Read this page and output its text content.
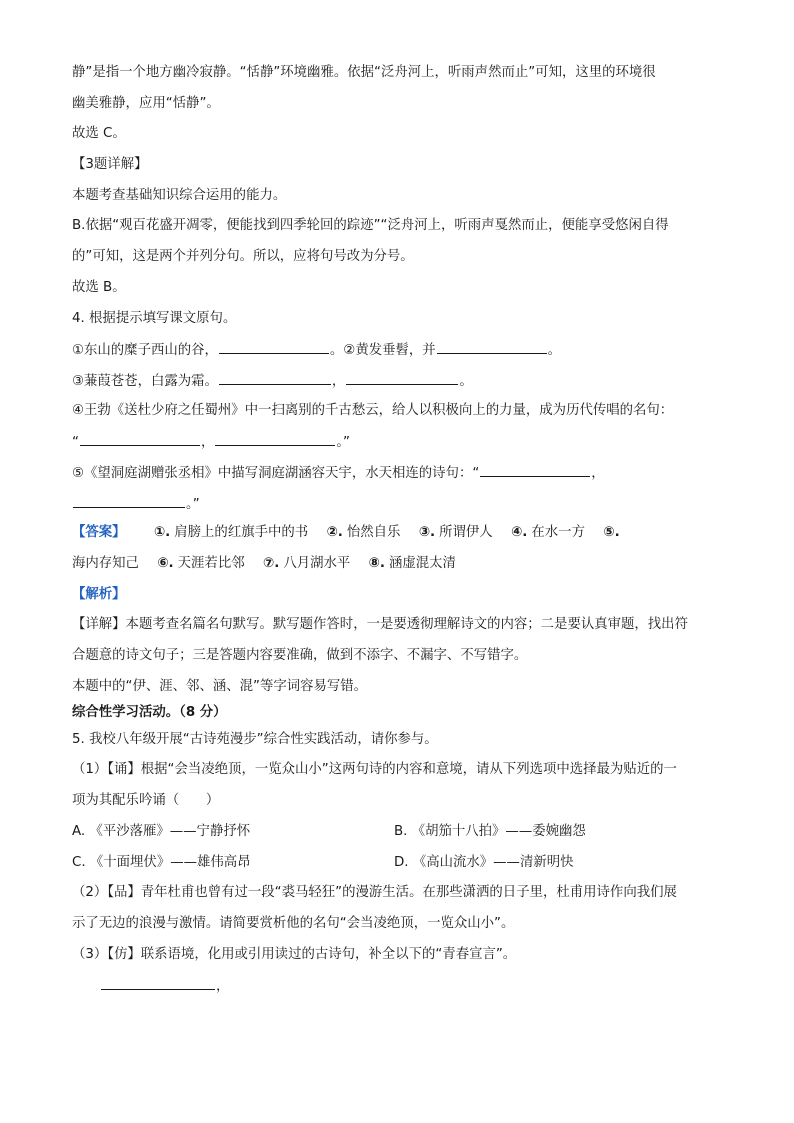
静”是指一个地方幽冷寂静。“恬静”环境幽雅。依据“泛舟河上，听雨声然而止”可知，这里的环境很
幽美雅静，应用“恬静”。
故选 C。
【3题详解】
本题考查基础知识综合运用的能力。
B.依据“观百花盛开凋零，便能找到四季轮回的踪迹”“泛舟河上，听雨声戛然而止，便能享受悠闲自得
的”可知，这是两个并列分句。所以，应将句号改为分号。
故选 B。
4. 根据提示填写课文原句。
①东山的糜子西山的谷，	。②黄发垂髫，并	。
③蒹葭苍苍，白露为霜。	，	。
④王勃《送杜少府之任蜀州》中一扫离别的千古愁云，给人以积极向上的力量，成为历代传唱的名句：
“	，	。”
⑤《望洞庭湖赠张丞相》中描写洞庭湖涵容天宇，水天相连的诗句：“	，
。”
【答案】 ①. 肩膀上的红旗手中的书 ②. 怡然自乐 ③. 所谓伊人 ④. 在水一方 ⑤.
海内存知己 ⑥. 天涯若比邻 ⑦. 八月湖水平 ⑧. 涵虚混太清
【解析】
【详解】本题考查名篇名句默写。默写题作答时，一是要透彻理解诗文的内容；二是要认真审题，找出符
合题意的诗文句子；三是答题内容要准确，做到不添字、不漏字、不写错字。
本题中的“伊、涯、邻、涵、混”等字词容易写错。
综合性学习活动。（8 分）
5. 我校八年级开展“古诗苑漫步”综合性实践活动，请你参与。
（1）【诵】根据“会当凌绝顶，一览众山小”这两句诗的内容和意境，请从下列选项中选择最为贴近的一
项为其配乐吟诵（　　）
A. 《平沙落雁》——宁静抒怀	B. 《胡笳十八拍》——委婉幽怨
C. 《十面埋伏》——雄伟高昂	D. 《高山流水》——清新明快
（2）【品】青年杜甫也曾有过一段“裘马轻狂”的漫游生活。在那些潇洒的日子里，杜甫用诗作向我们展
示了无边的浪漫与激情。请简要赏析他的名句“会当凌绝顶，一览众山小”。
（3）【仿】联系语境，化用或引用读过的古诗句，补全以下的“青春宣言”。
，
